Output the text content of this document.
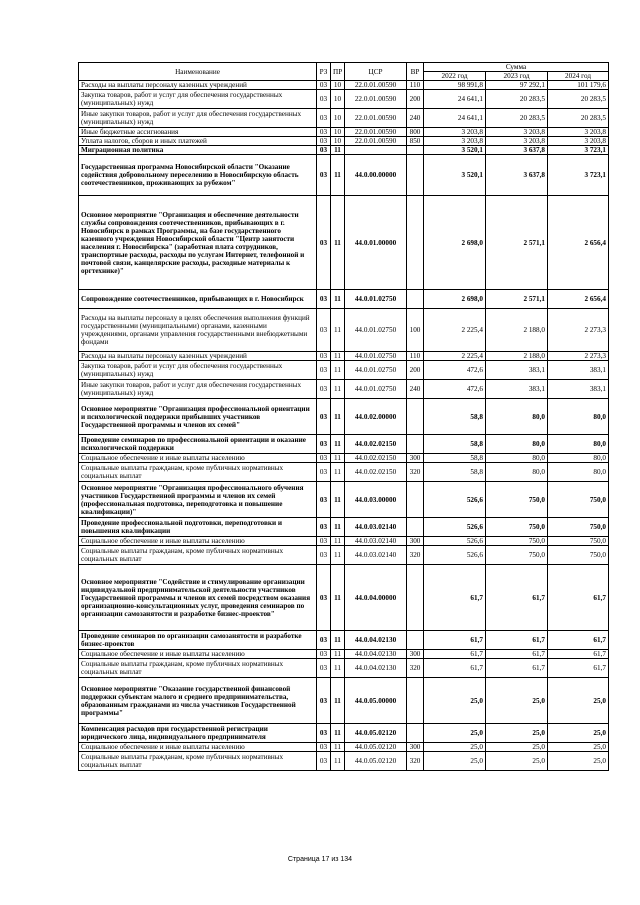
Наименование	РЗ	ПР	ЦСР	ВР	Сумма		
					2022 год	2023 год	2024 год
Расходы на выплаты персоналу казенных учреждений	03	10	22.0.01.00590	110	98 991,8	97 292,1	101 179,6
Закупка товаров, работ и услуг для обеспечения государственных (муниципальных) нужд	03	10	22.0.01.00590	200	24 641,1	20 283,5	20 283,5
Иные закупки товаров, работ и услуг для обеспечения государственных (муниципальных) нужд	03	10	22.0.01.00590	240	24 641,1	20 283,5	20 283,5
Иные бюджетные ассигнования	03	10	22.0.01.00590	800	3 203,8	3 203,8	3 203,8
Уплата налогов, сборов и иных платежей	03	10	22.0.01.00590	850	3 203,8	3 203,8	3 203,8
Миграционная политика	03	11			3 520,1	3 637,8	3 723,1
Государственная программа Новосибирской области "Оказание содействия добровольному переселению в Новосибирскую область соотечественников, проживающих за рубежом"	03	11	44.0.00.00000		3 520,1	3 637,8	3 723,1
Основное мероприятие "Организация и обеспечение деятельности службы сопровождения соотечественников, прибывающих в г. Новосибирск в рамках Программы, на базе государственного казенного учреждения Новосибирской области "Центр занятости населения г. Новосибирска" (заработная плата сотрудников, транспортные расходы, расходы по услугам Интернет, телефонной и почтовой связи, канцелярские расходы, расходные материалы к оргтехнике)"	03	11	44.0.01.00000		2 698,0	2 571,1	2 656,4
Сопровождение соотечественников, прибывающих в г. Новосибирск	03	11	44.0.01.02750		2 698,0	2 571,1	2 656,4
Расходы на выплаты персоналу в целях обеспечения выполнения функций государственными (муниципальными) органами, казенными учреждениями, органами управления государственными внебюджетными фондами	03	11	44.0.01.02750	100	2 225,4	2 188,0	2 273,3
Расходы на выплаты персоналу казенных учреждений	03	11	44.0.01.02750	110	2 225,4	2 188,0	2 273,3
Закупка товаров, работ и услуг для обеспечения государственных (муниципальных) нужд	03	11	44.0.01.02750	200	472,6	383,1	383,1
Иные закупки товаров, работ и услуг для обеспечения государственных (муниципальных) нужд	03	11	44.0.01.02750	240	472,6	383,1	383,1
Основное мероприятие "Организация профессиональной ориентации и психологической поддержки прибывших участников Государственной программы и членов их семей"	03	11	44.0.02.00000		58,8	80,0	80,0
Проведение семинаров по профессиональной ориентации и оказание психологической поддержки	03	11	44.0.02.02150		58,8	80,0	80,0
Социальное обеспечение и иные выплаты населению	03	11	44.0.02.02150	300	58,8	80,0	80,0
Социальные выплаты гражданам, кроме публичных нормативных социальных выплат	03	11	44.0.02.02150	320	58,8	80,0	80,0
Основное мероприятие "Организация профессионального обучения участников Государственной программы и членов их семей (профессиональная подготовка, переподготовка и повышение квалификации)"	03	11	44.0.03.00000		526,6	750,0	750,0
Проведение профессиональной подготовки, переподготовки и повышения квалификации	03	11	44.0.03.02140		526,6	750,0	750,0
Социальное обеспечение и иные выплаты населению	03	11	44.0.03.02140	300	526,6	750,0	750,0
Социальные выплаты гражданам, кроме публичных нормативных социальных выплат	03	11	44.0.03.02140	320	526,6	750,0	750,0
Основное мероприятие "Содействие и стимулирование организации индивидуальной предпринимательской деятельности участников Государственной программы и членов их семей посредством оказания организационно-консультационных услуг, проведения семинаров по организации самозанятости и разработке бизнес-проектов"	03	11	44.0.04.00000		61,7	61,7	61,7
Проведение семинаров по организации самозанятости и разработке бизнес-проектов	03	11	44.0.04.02130		61,7	61,7	61,7
Социальное обеспечение и иные выплаты населению	03	11	44.0.04.02130	300	61,7	61,7	61,7
Социальные выплаты гражданам, кроме публичных нормативных социальных выплат	03	11	44.0.04.02130	320	61,7	61,7	61,7
Основное мероприятие "Оказание государственной финансовой поддержки субъектам малого и среднего предпринимательства, образованным гражданами из числа участников Государственной программы"	03	11	44.0.05.00000		25,0	25,0	25,0
Компенсация расходов при государственной регистрации юридического лица, индивидуального предпринимателя	03	11	44.0.05.02120		25,0	25,0	25,0
Социальное обеспечение и иные выплаты населению	03	11	44.0.05.02120	300	25,0	25,0	25,0
Социальные выплаты гражданам, кроме публичных нормативных социальных выплат	03	11	44.0.05.02120	320	25,0	25,0	25,0
Страница 17 из 134
